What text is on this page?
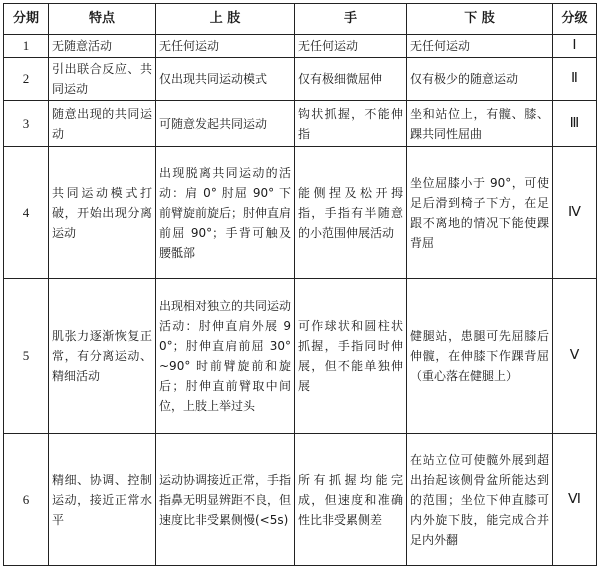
分期	特点	上 肢	手	下 肢	分级
1	无随意活动	无任何运动	无任何运动	无任何运动	Ⅰ
2	引出联合反应、共同运动	仅出现共同运动模式	仅有极细微屈伸	仅有极少的随意运动	Ⅱ
3	随意出现的共同运动	可随意发起共同运动	钩状抓握，不能伸指	坐和站位上，有髋、膝、踝共同性屈曲	Ⅲ
4	共同运动模式打破，开始出现分离运动	出现脱离共同运动的活动：肩 0° 肘屈 90° 下前臂旋前旋后；肘伸直肩前屈 90°；手背可触及腰骶部	能侧捏及松开拇指，手指有半随意的小范围伸展活动	坐位屈膝小于 90°，可使足后滑到椅子下方，在足跟不离地的情况下能使踝背屈	Ⅳ
5	肌张力逐渐恢复正常，有分离运动、精细活动	出现相对独立的共同运动活动：肘伸直肩外展 90°；肘伸直肩前屈 30°~90° 时前臂旋前和旋后；肘伸直前臂取中间位，上肢上举过头	可作球状和圆柱状抓握，手指同时伸展，但不能单独伸展	健腿站，患腿可先屈膝后伸髋，在伸膝下作踝背屈（重心落在健腿上）	Ⅴ
6	精细、协调、控制运动，接近正常水平	运动协调接近正常，手指指鼻无明显辨距不良，但速度比非受累侧慢(<5s)	所有抓握均能完成，但速度和准确性比非受累侧差	在站立位可使髋外展到超出抬起该侧骨盆所能达到的范围；坐位下伸直膝可内外旋下肢，能完成合并足内外翻	Ⅵ
